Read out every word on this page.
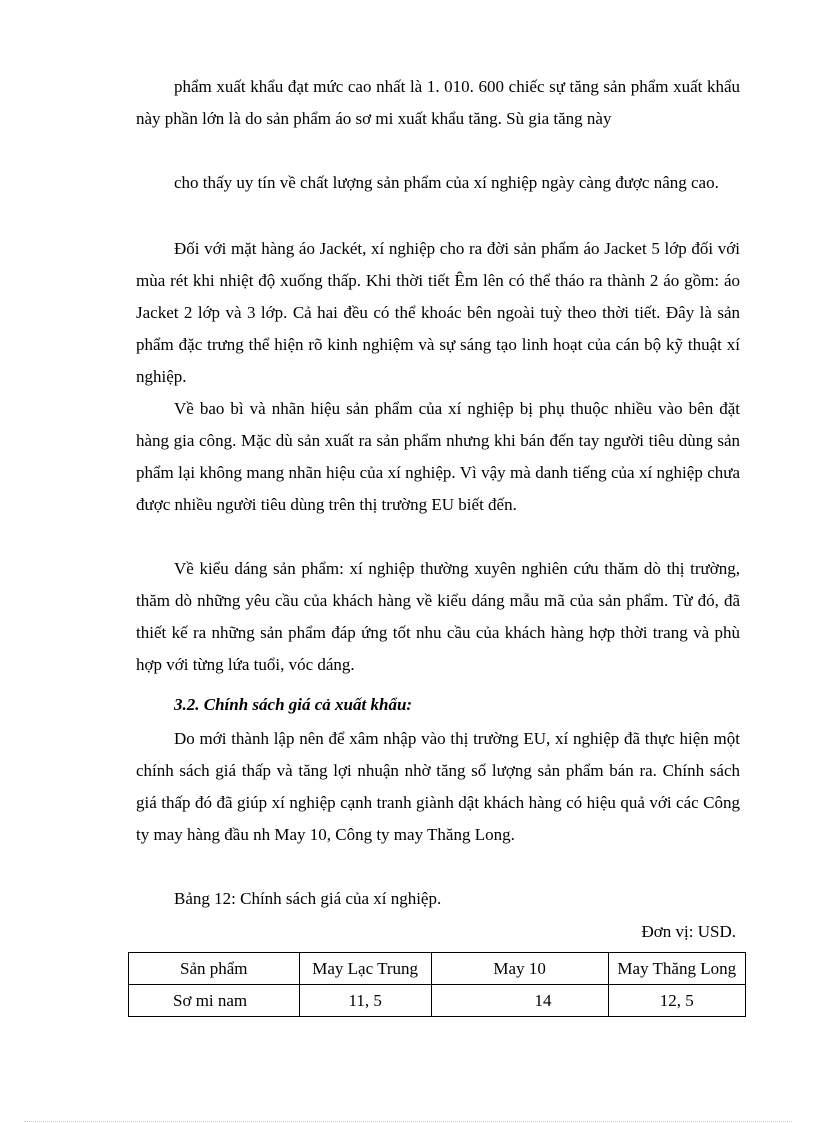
phẩm xuất khẩu đạt mức cao nhất là 1. 010. 600 chiếc sự tăng sản phẩm xuất khẩu này phần lớn là do sản phẩm áo sơ mi xuất khẩu tăng. Sù gia tăng này

cho thấy uy tín về chất lượng sản phẩm của xí nghiệp ngày càng được nâng cao.

Đối với mặt hàng áo Jackét, xí nghiệp cho ra đời sản phẩm áo Jacket 5 lớp đối với mùa rét khi nhiệt độ xuống thấp. Khi thời tiết Êm lên có thể tháo ra thành 2 áo gồm: áo Jacket 2 lớp và 3 lớp. Cả hai đều có thể khoác bên ngoài tuỳ theo thời tiết. Đây là sản phẩm đặc trưng thể hiện rõ kinh nghiệm và sự sáng tạo linh hoạt của cán bộ kỹ thuật xí nghiệp.

Về bao bì và nhãn hiệu sản phẩm của xí nghiệp bị phụ thuộc nhiều vào bên đặt hàng gia công. Mặc dù sản xuất ra sản phẩm nhưng khi bán đến tay người tiêu dùng sản phẩm lại không mang nhãn hiệu của xí nghiệp. Vì vậy mà danh tiếng của xí nghiệp chưa được nhiều người tiêu dùng trên thị trường EU biết đến.

Về kiểu dáng sản phẩm: xí nghiệp thường xuyên nghiên cứu thăm dò thị trường, thăm dò những yêu cầu của khách hàng về kiểu dáng mẫu mã của sản phẩm. Từ đó, đã thiết kế ra những sản phẩm đáp ứng tốt nhu cầu của khách hàng hợp thời trang và phù hợp với từng lứa tuổi, vóc dáng.

3.2. Chính sách giá cả xuất khẩu:

Do mới thành lập nên để xâm nhập vào thị trường EU, xí nghiệp đã thực hiện một chính sách giá thấp và tăng lợi nhuận nhờ tăng số lượng sản phẩm bán ra. Chính sách giá thấp đó đã giúp xí nghiệp cạnh tranh giành dật khách hàng có hiệu quả với các Công ty may hàng đầu nh May 10, Công ty may Thăng Long.

Bảng 12: Chính sách giá của xí nghiệp.

Đơn vị: USD.

Sản phẩm	May Lạc Trung	May 10	May Thăng Long
Sơ mi nam	11, 5	14	12, 5
